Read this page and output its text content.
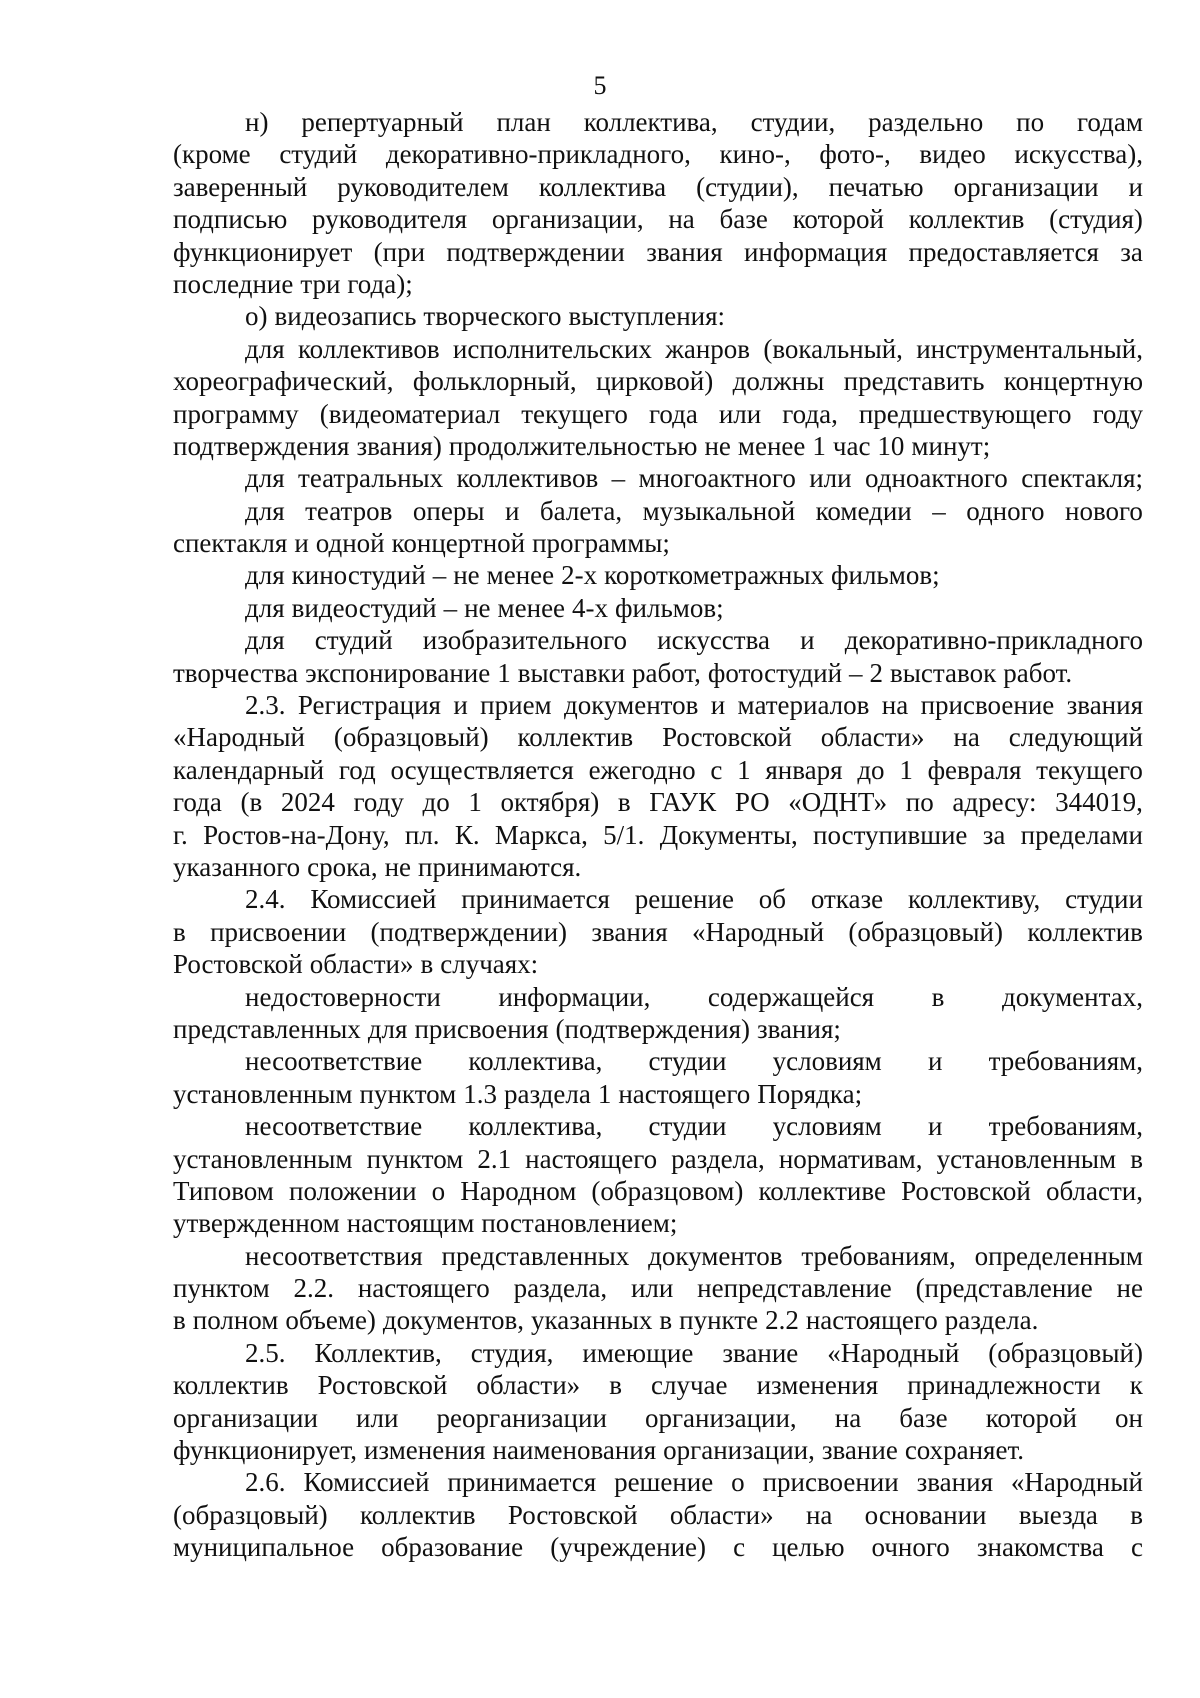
5
н) репертуарный план коллектива, студии, раздельно по годам
(кроме студий декоративно-прикладного, кино-, фото-, видео искусства),
заверенный руководителем коллектива (студии), печатью организации и
подписью руководителя организации, на базе которой коллектив (студия)
функционирует (при подтверждении звания информация предоставляется за
последние три года);
о) видеозапись творческого выступления:
для коллективов исполнительских жанров (вокальный, инструментальный,
хореографический, фольклорный, цирковой) должны представить концертную
программу (видеоматериал текущего года или года, предшествующего году
подтверждения звания) продолжительностью не менее 1 час 10 минут;
для театральных коллективов – многоактного или одноактного спектакля;
для театров оперы и балета, музыкальной комедии – одного нового
спектакля и одной концертной программы;
для киностудий – не менее 2-х короткометражных фильмов;
для видеостудий – не менее 4-х фильмов;
для студий изобразительного искусства и декоративно-прикладного
творчества экспонирование 1 выставки работ, фотостудий – 2 выставок работ.
2.3. Регистрация и прием документов и материалов на присвоение звания
«Народный (образцовый) коллектив Ростовской области» на следующий
календарный год осуществляется ежегодно с 1 января до 1 февраля текущего
года (в 2024 году до 1 октября) в ГАУК РО «ОДНТ» по адресу: 344019,
г. Ростов-на-Дону, пл. К. Маркса, 5/1. Документы, поступившие за пределами
указанного срока, не принимаются.
2.4. Комиссией принимается решение об отказе коллективу, студии
в присвоении (подтверждении) звания «Народный (образцовый) коллектив
Ростовской области» в случаях:
недостоверности информации, содержащейся в документах,
представленных для присвоения (подтверждения) звания;
несоответствие коллектива, студии условиям и требованиям,
установленным пунктом 1.3 раздела 1 настоящего Порядка;
несоответствие коллектива, студии условиям и требованиям,
установленным пунктом 2.1 настоящего раздела, нормативам, установленным в
Типовом положении о Народном (образцовом) коллективе Ростовской области,
утвержденном настоящим постановлением;
несоответствия представленных документов требованиям, определенным
пунктом 2.2. настоящего раздела, или непредставление (представление не
в полном объеме) документов, указанных в пункте 2.2 настоящего раздела.
2.5. Коллектив, студия, имеющие звание «Народный (образцовый)
коллектив Ростовской области» в случае изменения принадлежности к
организации или реорганизации организации, на базе которой он
функционирует, изменения наименования организации, звание сохраняет.
2.6. Комиссией принимается решение о присвоении звания «Народный
(образцовый) коллектив Ростовской области» на основании выезда в
муниципальное образование (учреждение) с целью очного знакомства с
